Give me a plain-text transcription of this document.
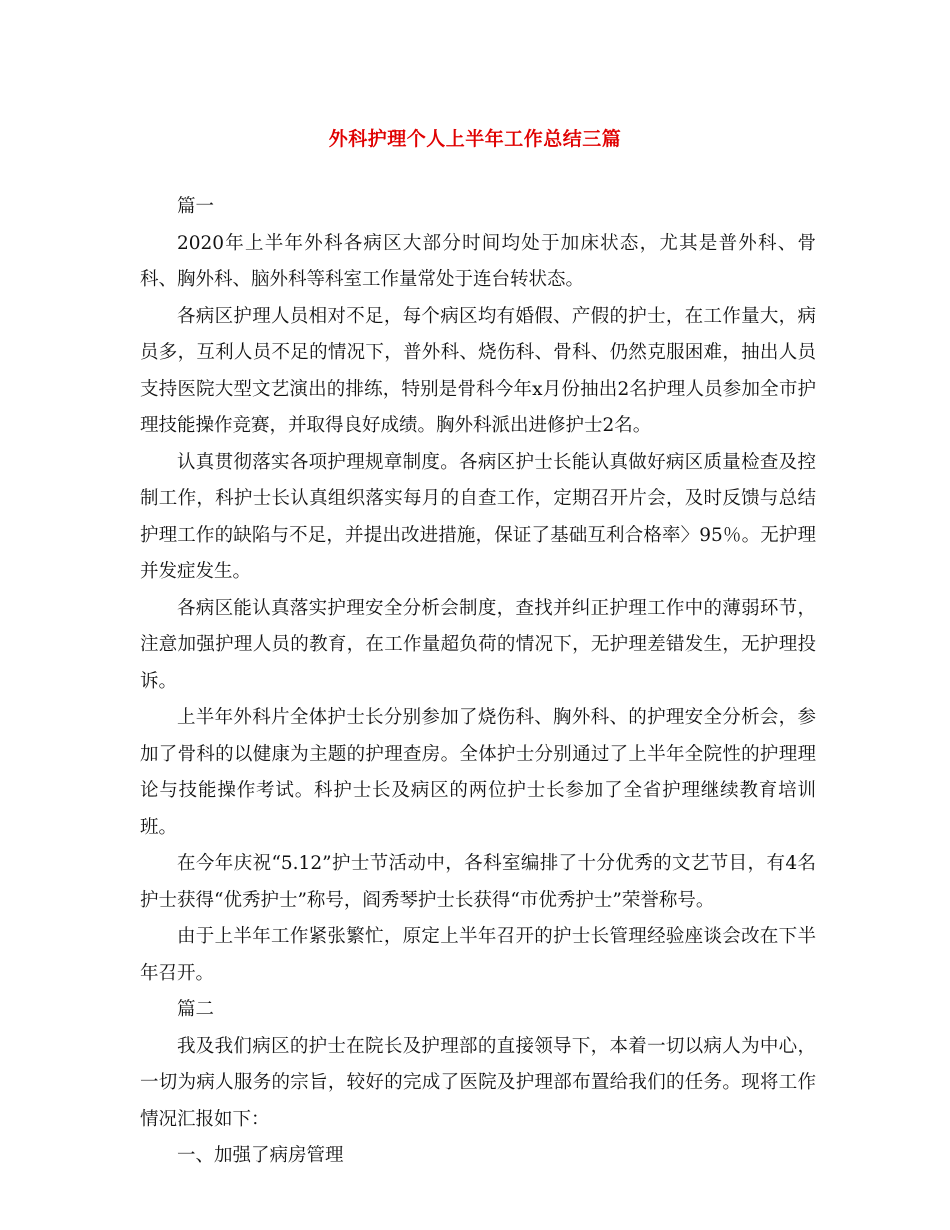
外科护理个人上半年工作总结三篇

篇一

2020年上半年外科各病区大部分时间均处于加床状态，尤其是普外科、骨科、胸外科、脑外科等科室工作量常处于连台转状态。

各病区护理人员相对不足，每个病区均有婚假、产假的护士，在工作量大，病员多，互利人员不足的情况下，普外科、烧伤科、骨科、仍然克服困难，抽出人员支持医院大型文艺演出的排练，特别是骨科今年x月份抽出2名护理人员参加全市护理技能操作竞赛，并取得良好成绩。胸外科派出进修护士2名。

认真贯彻落实各项护理规章制度。各病区护士长能认真做好病区质量检查及控制工作，科护士长认真组织落实每月的自查工作，定期召开片会，及时反馈与总结护理工作的缺陷与不足，并提出改进措施，保证了基础互利合格率〉95％。无护理并发症发生。

各病区能认真落实护理安全分析会制度，查找并纠正护理工作中的薄弱环节，注意加强护理人员的教育，在工作量超负荷的情况下，无护理差错发生，无护理投诉。

上半年外科片全体护士长分别参加了烧伤科、胸外科、的护理安全分析会，参加了骨科的以健康为主题的护理查房。全体护士分别通过了上半年全院性的护理理论与技能操作考试。科护士长及病区的两位护士长参加了全省护理继续教育培训班。

在今年庆祝“5.12”护士节活动中，各科室编排了十分优秀的文艺节目，有4名护士获得“优秀护士”称号，阎秀琴护士长获得“市优秀护士”荣誉称号。

由于上半年工作紧张繁忙，原定上半年召开的护士长管理经验座谈会改在下半年召开。

篇二

我及我们病区的护士在院长及护理部的直接领导下，本着一切以病人为中心，一切为病人服务的宗旨，较好的完成了医院及护理部布置给我们的任务。现将工作情况汇报如下：

一、加强了病房管理
